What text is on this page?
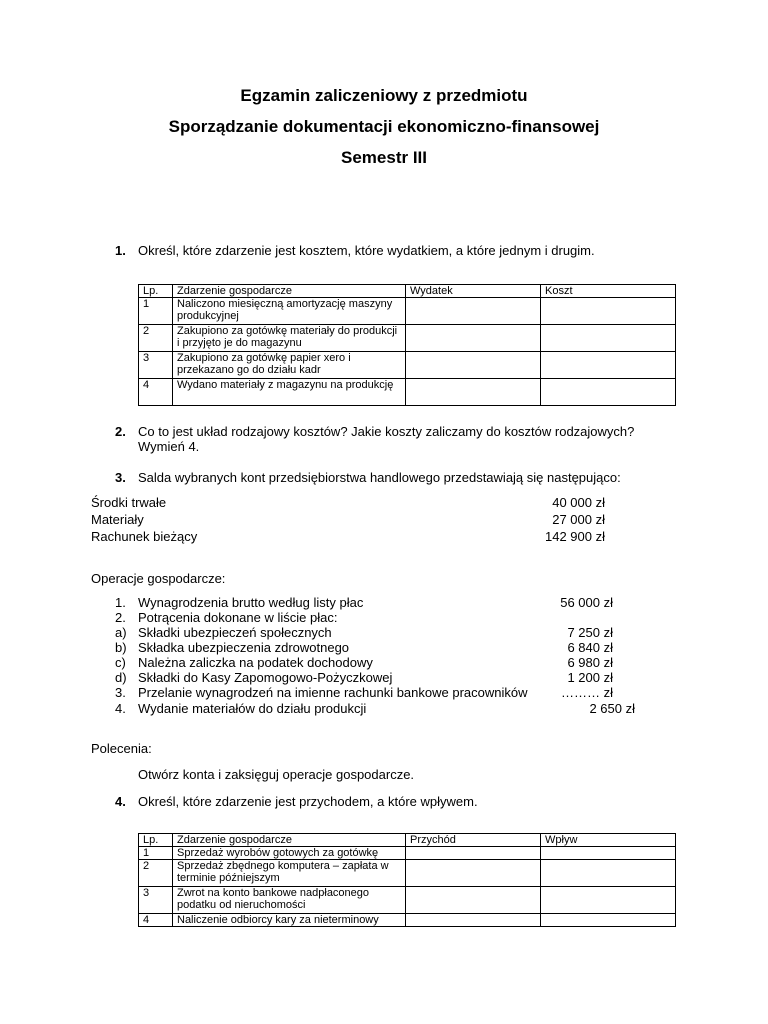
Egzamin zaliczeniowy z przedmiotu
Sporządzanie dokumentacji ekonomiczno-finansowej
Semestr III
1. Określ, które zdarzenie jest kosztem, które wydatkiem, a które jednym i drugim.
Lp.	Zdarzenie gospodarcze	Wydatek	Koszt
1	Naliczono miesięczną amortyzację maszyny produkcyjnej		
2	Zakupiono za gotówkę materiały do produkcji i przyjęto je do magazynu		
3	Zakupiono za gotówkę papier xero i przekazano go do działu kadr		
4	Wydano materiały z magazynu na produkcję		
2. Co to jest układ rodzajowy kosztów? Jakie koszty zaliczamy do kosztów rodzajowych? Wymień 4.
3. Salda wybranych kont przedsiębiorstwa handlowego przedstawiają się następująco:
Środki trwałe	40 000 zł
Materiały	27 000 zł
Rachunek bieżący	142 900 zł
Operacje gospodarcze:
1. Wynagrodzenia brutto według listy płac	56 000 zł
2. Potrącenia dokonane w liście płac:
a) Składki ubezpieczeń społecznych	7 250 zł
b) Składka ubezpieczenia zdrowotnego	6 840 zł
c) Należna zaliczka na podatek dochodowy	6 980 zł
d) Składki do Kasy Zapomogowo-Pożyczkowej	1 200 zł
3. Przelanie wynagrodzeń na imienne rachunki bankowe pracowników	……… zł
4. Wydanie materiałów do działu produkcji	2 650 zł
Polecenia:
Otwórz konta i zaksięguj operacje gospodarcze.
4. Określ, które zdarzenie jest przychodem, a które wpływem.
Lp.	Zdarzenie gospodarcze	Przychód	Wpływ
1	Sprzedaż wyrobów gotowych za gotówkę		
2	Sprzedaż zbędnego komputera – zapłata w terminie późniejszym		
3	Zwrot na konto bankowe nadpłaconego podatku od nieruchomości		
4	Naliczenie odbiorcy kary za nieterminowy		
